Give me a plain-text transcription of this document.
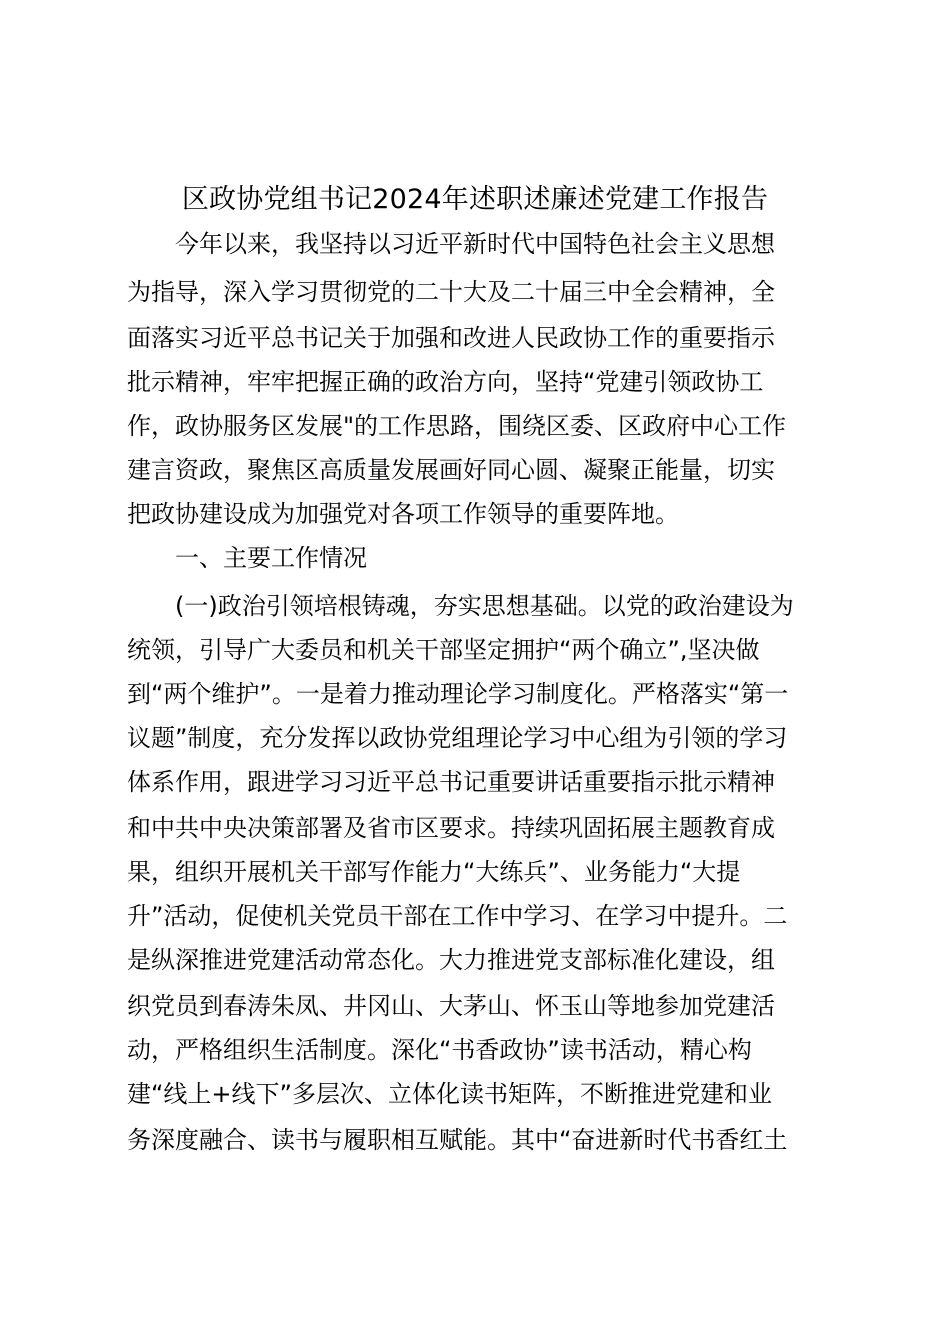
区政协党组书记2024年述职述廉述党建工作报告
　　今年以来，我坚持以习近平新时代中国特色社会主义思想
为指导，深入学习贯彻党的二十大及二十届三中全会精神，全
面落实习近平总书记关于加强和改进人民政协工作的重要指示
批示精神，牢牢把握正确的政治方向，坚持“党建引领政协工
作，政协服务区发展"的工作思路，围绕区委、区政府中心工作
建言资政，聚焦区高质量发展画好同心圆、凝聚正能量，切实
把政协建设成为加强党对各项工作领导的重要阵地。
　　一、主要工作情况
　　(一)政治引领培根铸魂，夯实思想基础。以党的政治建设为
统领，引导广大委员和机关干部坚定拥护“两个确立”,坚决做
到“两个维护”。一是着力推动理论学习制度化。严格落实“第一
议题”制度，充分发挥以政协党组理论学习中心组为引领的学习
体系作用，跟进学习习近平总书记重要讲话重要指示批示精神
和中共中央决策部署及省市区要求。持续巩固拓展主题教育成
果，组织开展机关干部写作能力“大练兵”、业务能力“大提
升”活动，促使机关党员干部在工作中学习、在学习中提升。二
是纵深推进党建活动常态化。大力推进党支部标准化建设，组
织党员到春涛朱凤、井冈山、大茅山、怀玉山等地参加党建活
动，严格组织生活制度。深化“书香政协”读书活动，精心构
建“线上+线下”多层次、立体化读书矩阵，不断推进党建和业
务深度融合、读书与履职相互赋能。其中“奋进新时代书香红土
